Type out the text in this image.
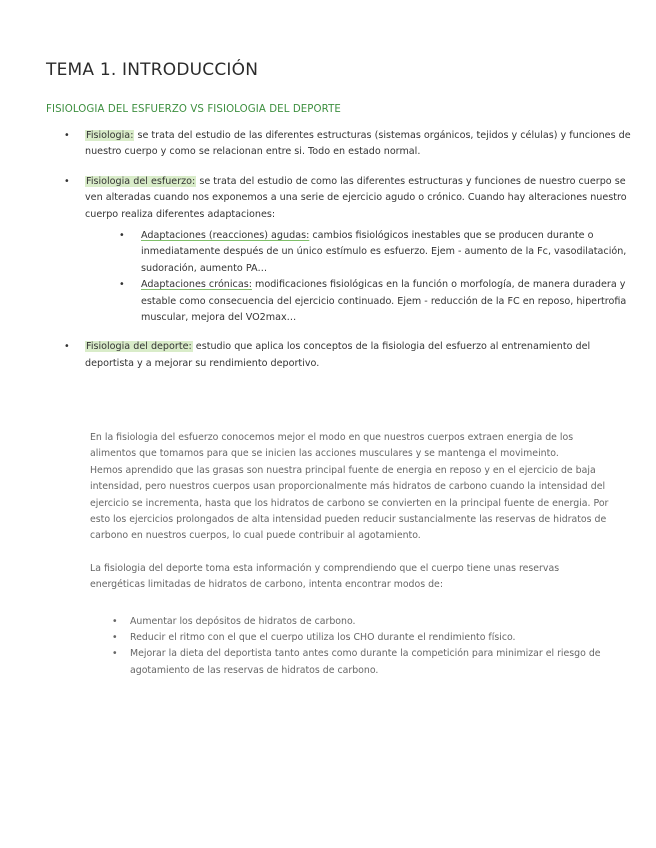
TEMA 1. INTRODUCCIÓN
FISIOLOGIA DEL ESFUERZO VS FISIOLOGIA DEL DEPORTE
• Fisiologia: se trata del estudio de las diferentes estructuras (sistemas orgánicos, tejidos y células) y funciones de nuestro cuerpo y como se relacionan entre si. Todo en estado normal.
• Fisiologia del esfuerzo: se trata del estudio de como las diferentes estructuras y funciones de nuestro cuerpo se ven alteradas cuando nos exponemos a una serie de ejercicio agudo o crónico. Cuando hay alteraciones nuestro cuerpo realiza diferentes adaptaciones:
• Adaptaciones (reacciones) agudas: cambios fisiológicos inestables que se producen durante o inmediatamente después de un único estímulo es esfuerzo. Ejem - aumento de la Fc, vasodilatación, sudoración, aumento PA…
• Adaptaciones crónicas: modificaciones fisiológicas en la función o morfología, de manera duradera y estable como consecuencia del ejercicio continuado. Ejem - reducción de la FC en reposo, hipertrofia muscular, mejora del VO2max…
• Fisiologia del deporte: estudio que aplica los conceptos de la fisiologia del esfuerzo al entrenamiento del deportista y a mejorar su rendimiento deportivo.

En la fisiologia del esfuerzo conocemos mejor el modo en que nuestros cuerpos extraen energia de los alimentos que tomamos para que se inicien las acciones musculares y se mantenga el movimeinto.

Hemos aprendido que las grasas son nuestra principal fuente de energia en reposo y en el ejercicio de baja intensidad, pero nuestros cuerpos usan proporcionalmente más hidratos de carbono cuando la intensidad del ejercicio se incrementa, hasta que los hidratos de carbono se convierten en la principal fuente de energia. Por esto los ejercicios prolongados de alta intensidad pueden reducir sustancialmente las reservas de hidratos de carbono en nuestros cuerpos, lo cual puede contribuir al agotamiento.

La fisiologia del deporte toma esta información y comprendiendo que el cuerpo tiene unas reservas energéticas limitadas de hidratos de carbono, intenta encontrar modos de:

• Aumentar los depósitos de hidratos de carbono.
• Reducir el ritmo con el que el cuerpo utiliza los CHO durante el rendimiento físico.
• Mejorar la dieta del deportista tanto antes como durante la competición para minimizar el riesgo de agotamiento de las reservas de hidratos de carbono.
